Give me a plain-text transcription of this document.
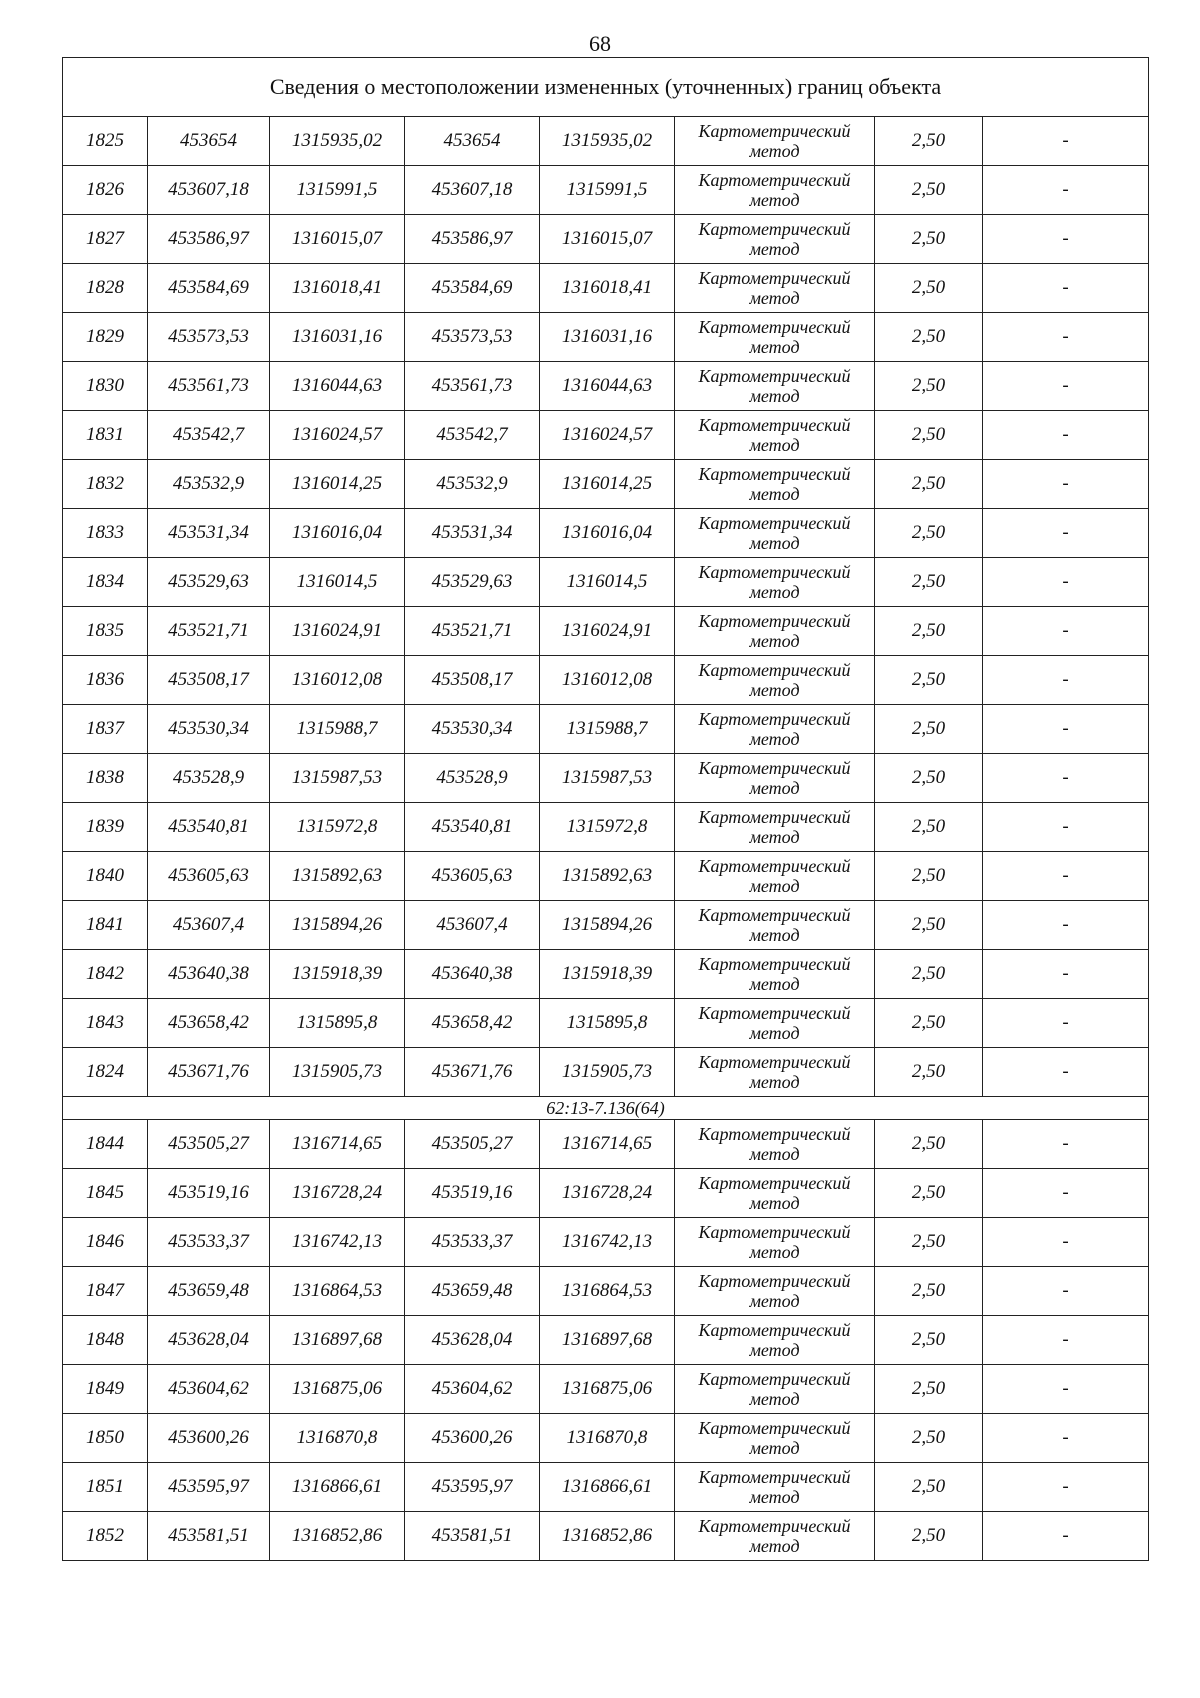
68
Сведения о местоположении измененных (уточненных) границ объекта							
1825	453654	1315935,02	453654	1315935,02	Картометрический
метод	2,50	-
1826	453607,18	1315991,5	453607,18	1315991,5	Картометрический
метод	2,50	-
1827	453586,97	1316015,07	453586,97	1316015,07	Картометрический
метод	2,50	-
1828	453584,69	1316018,41	453584,69	1316018,41	Картометрический
метод	2,50	-
1829	453573,53	1316031,16	453573,53	1316031,16	Картометрический
метод	2,50	-
1830	453561,73	1316044,63	453561,73	1316044,63	Картометрический
метод	2,50	-
1831	453542,7	1316024,57	453542,7	1316024,57	Картометрический
метод	2,50	-
1832	453532,9	1316014,25	453532,9	1316014,25	Картометрический
метод	2,50	-
1833	453531,34	1316016,04	453531,34	1316016,04	Картометрический
метод	2,50	-
1834	453529,63	1316014,5	453529,63	1316014,5	Картометрический
метод	2,50	-
1835	453521,71	1316024,91	453521,71	1316024,91	Картометрический
метод	2,50	-
1836	453508,17	1316012,08	453508,17	1316012,08	Картометрический
метод	2,50	-
1837	453530,34	1315988,7	453530,34	1315988,7	Картометрический
метод	2,50	-
1838	453528,9	1315987,53	453528,9	1315987,53	Картометрический
метод	2,50	-
1839	453540,81	1315972,8	453540,81	1315972,8	Картометрический
метод	2,50	-
1840	453605,63	1315892,63	453605,63	1315892,63	Картометрический
метод	2,50	-
1841	453607,4	1315894,26	453607,4	1315894,26	Картометрический
метод	2,50	-
1842	453640,38	1315918,39	453640,38	1315918,39	Картометрический
метод	2,50	-
1843	453658,42	1315895,8	453658,42	1315895,8	Картометрический
метод	2,50	-
1824	453671,76	1315905,73	453671,76	1315905,73	Картометрический
метод	2,50	-
62:13-7.136(64)							
1844	453505,27	1316714,65	453505,27	1316714,65	Картометрический
метод	2,50	-
1845	453519,16	1316728,24	453519,16	1316728,24	Картометрический
метод	2,50	-
1846	453533,37	1316742,13	453533,37	1316742,13	Картометрический
метод	2,50	-
1847	453659,48	1316864,53	453659,48	1316864,53	Картометрический
метод	2,50	-
1848	453628,04	1316897,68	453628,04	1316897,68	Картометрический
метод	2,50	-
1849	453604,62	1316875,06	453604,62	1316875,06	Картометрический
метод	2,50	-
1850	453600,26	1316870,8	453600,26	1316870,8	Картометрический
метод	2,50	-
1851	453595,97	1316866,61	453595,97	1316866,61	Картометрический
метод	2,50	-
1852	453581,51	1316852,86	453581,51	1316852,86	Картометрический
метод	2,50	-
